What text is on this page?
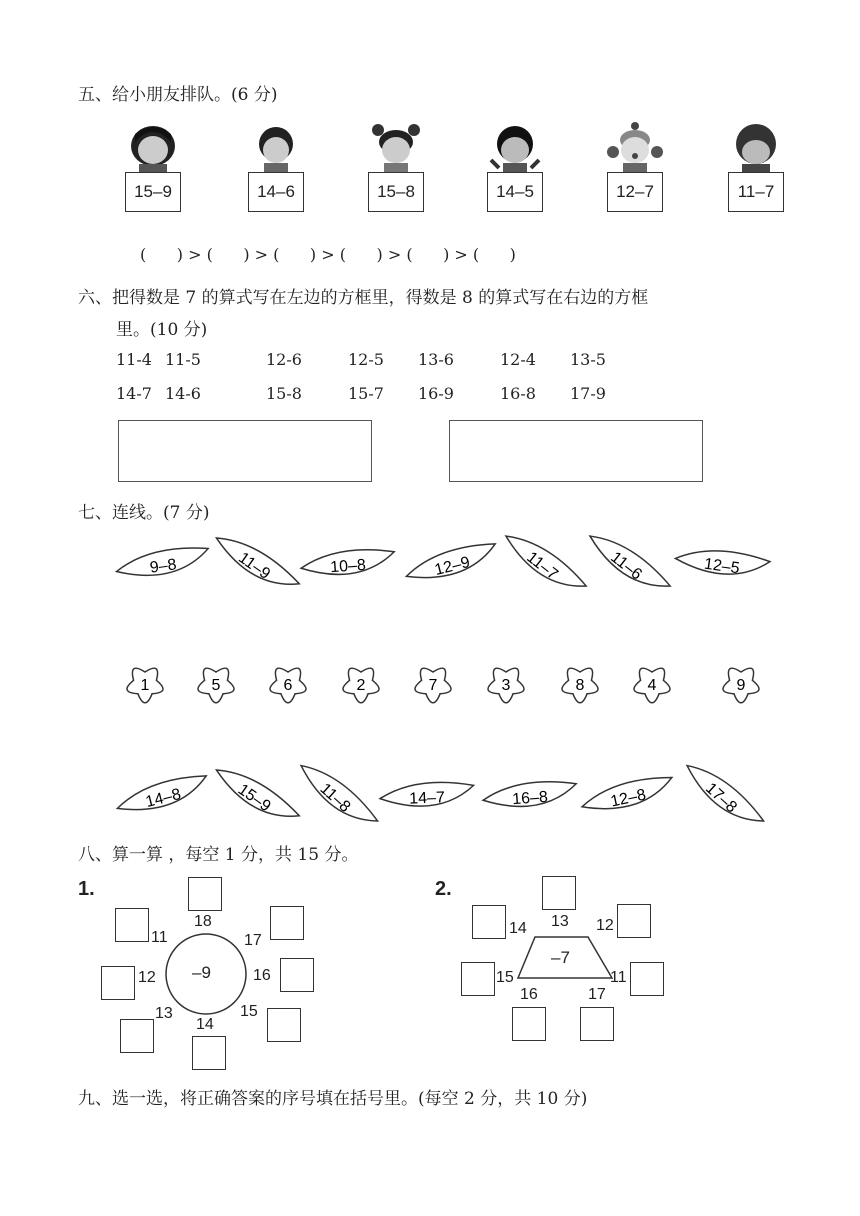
五、给小朋友排队。(6 分)
15–9	14–6	15–8	14–5	12–7	11–7
(      ) > (      ) > (      ) > (      ) > (      ) > (      )
六、把得数是 7 的算式写在左边的方框里，得数是 8 的算式写在右边的方框
里。(10 分)
11-4 11-5	12-6	12-5 13-6	12-4 13-5
14-7 14-6	15-8	15-7 16-9	16-8 17-9
七、连线。(7 分)
9–8	11–9	10–8	12–9	11–7	11–6	12–5
1	5	6	2	7	3	8	4	9
14–8	15–9	11–8	14–7	16–8	12–8	17–8
八、算一算 ，每空 1 分，共 15 分。
1.
–9
18
17
16
15
14
13
12
11
2.
–7
13 12
11
17
16
15
14
九、选一选，将正确答案的序号填在括号里。(每空 2 分，共 10 分)
